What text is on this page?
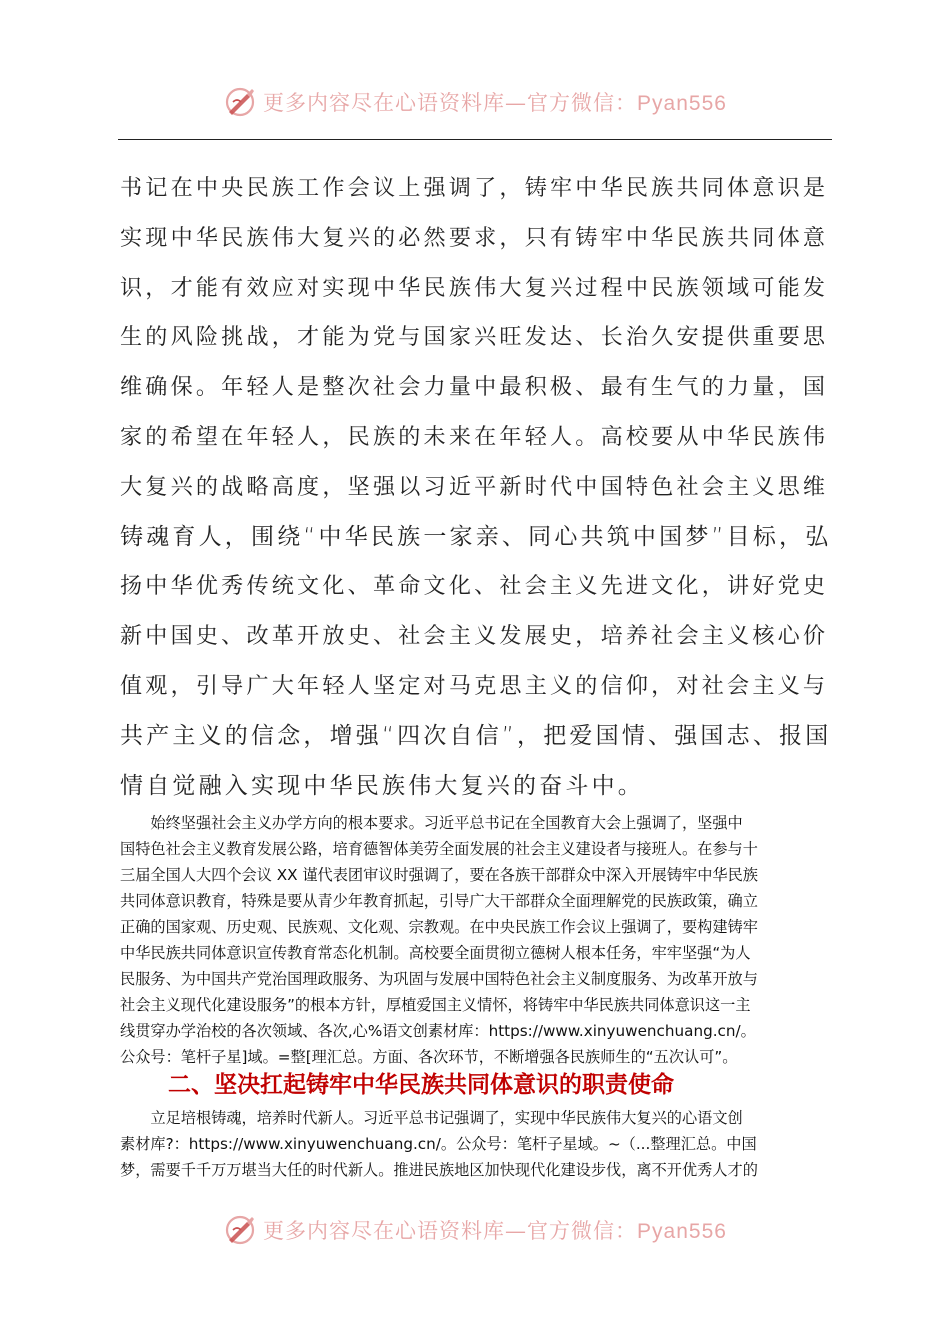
更多内容尽在心语资料库—官方微信：Pyan556
书记在中央民族工作会议上强调了，铸牢中华民族共同体意识是
实现中华民族伟大复兴的必然要求，只有铸牢中华民族共同体意
识，才能有效应对实现中华民族伟大复兴过程中民族领域可能发
生的风险挑战，才能为党与国家兴旺发达、长治久安提供重要思
维确保。年轻人是整次社会力量中最积极、最有生气的力量，国
家的希望在年轻人，民族的未来在年轻人。高校要从中华民族伟
大复兴的战略高度，坚强以习近平新时代中国特色社会主义思维
铸魂育人，围绕“中华民族一家亲、同心共筑中国梦”目标，弘
扬中华优秀传统文化、革命文化、社会主义先进文化，讲好党史
新中国史、改革开放史、社会主义发展史，培养社会主义核心价
值观，引导广大年轻人坚定对马克思主义的信仰，对社会主义与
共产主义的信念，增强“四次自信”，把爱国情、强国志、报国
情自觉融入实现中华民族伟大复兴的奋斗中。
　　始终坚强社会主义办学方向的根本要求。习近平总书记在全国教育大会上强调了，坚强中
国特色社会主义教育发展公路，培育德智体美劳全面发展的社会主义建设者与接班人。在参与十
三届全国人大四个会议 XX 谨代表团审议时强调了，要在各族干部群众中深入开展铸牢中华民族
共同体意识教育，特殊是要从青少年教育抓起，引导广大干部群众全面理解党的民族政策，确立
正确的国家观、历史观、民族观、文化观、宗教观。在中央民族工作会议上强调了，要构建铸牢
中华民族共同体意识宣传教育常态化机制。高校要全面贯彻立德树人根本任务，牢牢坚强“为人
民服务、为中国共产党治国理政服务、为巩固与发展中国特色社会主义制度服务、为改革开放与
社会主义现代化建设服务”的根本方针，厚植爱国主义情怀，将铸牢中华民族共同体意识这一主
线贯穿办学治校的各次领域、各次,心%语文创素材库：https://www.xinyuwenchuang.cn/。
公众号：笔杆子星]域。=整[理汇总。方面、各次环节，不断增强各民族师生的“五次认可”。
二、坚决扛起铸牢中华民族共同体意识的职责使命
　　立足培根铸魂，培养时代新人。习近平总书记强调了，实现中华民族伟大复兴的心语文创
素材库?：https://www.xinyuwenchuang.cn/。公众号：笔杆子星域。~（...整理汇总。中国
梦，需要千千万万堪当大任的时代新人。推进民族地区加快现代化建设步伐，离不开优秀人才的
更多内容尽在心语资料库—官方微信：Pyan556
